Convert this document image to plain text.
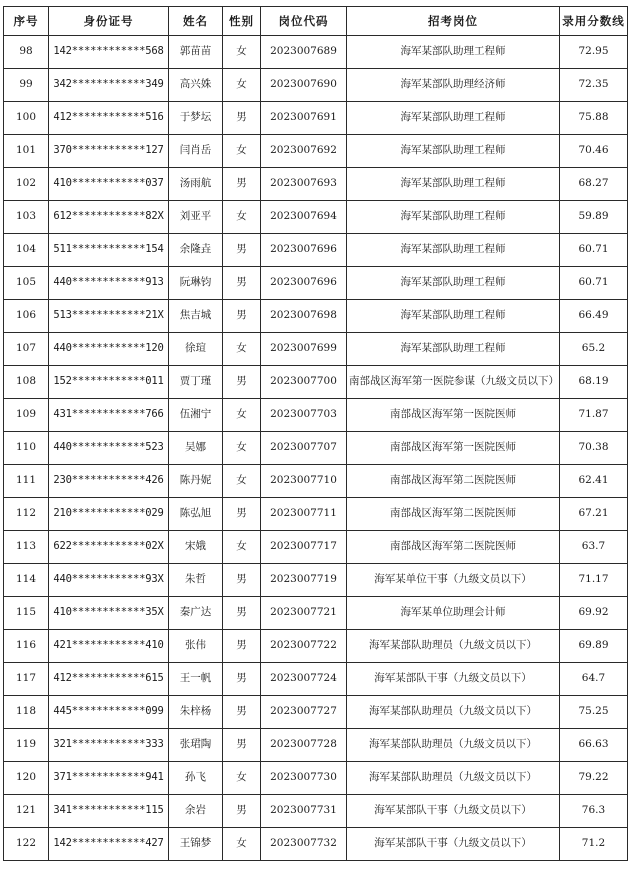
序号	身份证号	姓名	性别	岗位代码	招考岗位	录用分数线
98	142************568	郭苗苗	女	2023007689	海军某部队助理工程师	72.95
99	342************349	高兴姝	女	2023007690	海军某部队助理经济师	72.35
100	412************516	于梦坛	男	2023007691	海军某部队助理工程师	75.88
101	370************127	闫肖岳	女	2023007692	海军某部队助理工程师	70.46
102	410************037	汤雨航	男	2023007693	海军某部队助理工程师	68.27
103	612************82X	刘亚平	女	2023007694	海军某部队助理工程师	59.89
104	511************154	余隆垚	男	2023007696	海军某部队助理工程师	60.71
105	440************913	阮琳钧	男	2023007696	海军某部队助理工程师	60.71
106	513************21X	焦吉城	男	2023007698	海军某部队助理工程师	66.49
107	440************120	徐瑄	女	2023007699	海军某部队助理工程师	65.2
108	152************011	贾丁瑾	男	2023007700	南部战区海军第一医院参谋（九级文员以下）	68.19
109	431************766	伍湘宁	女	2023007703	南部战区海军第一医院医师	71.87
110	440************523	吴娜	女	2023007707	南部战区海军第一医院医师	70.38
111	230************426	陈丹妮	女	2023007710	南部战区海军第二医院医师	62.41
112	210************029	陈弘旭	男	2023007711	南部战区海军第二医院医师	67.21
113	622************02X	宋娥	女	2023007717	南部战区海军第二医院医师	63.7
114	440************93X	朱哲	男	2023007719	海军某单位干事（九级文员以下）	71.17
115	410************35X	秦广达	男	2023007721	海军某单位助理会计师	69.92
116	421************410	张伟	男	2023007722	海军某部队助理员（九级文员以下）	69.89
117	412************615	王一帆	男	2023007724	海军某部队干事（九级文员以下）	64.7
118	445************099	朱梓杨	男	2023007727	海军某部队助理员（九级文员以下）	75.25
119	321************333	张珺陶	男	2023007728	海军某部队助理员（九级文员以下）	66.63
120	371************941	孙飞	女	2023007730	海军某部队助理员（九级文员以下）	79.22
121	341************115	余岩	男	2023007731	海军某部队干事（九级文员以下）	76.3
122	142************427	王锦梦	女	2023007732	海军某部队干事（九级文员以下）	71.2
